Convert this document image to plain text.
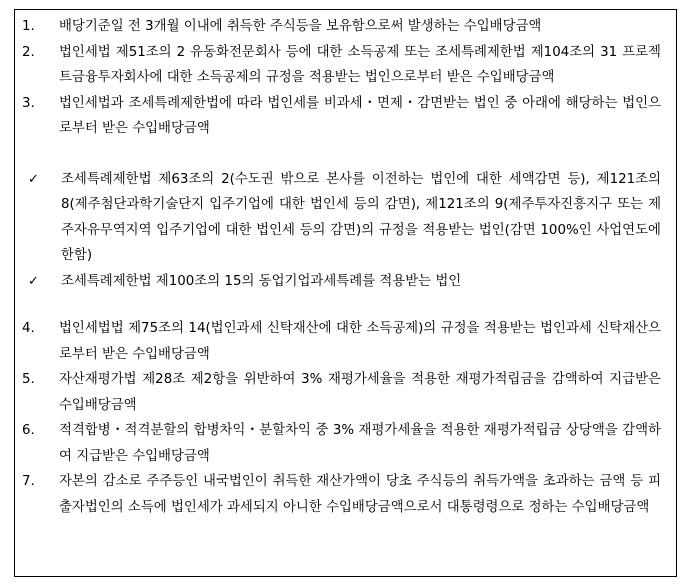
1.	배당기준일 전 3개월 이내에 취득한 주식등을 보유함으로써 발생하는 수입배당금액
2.	법인세법 제51조의 2 유동화전문회사 등에 대한 소득공제 또는 조세특례제한법 제104조의 31 프로젝트금융투자회사에 대한 소득공제의 규정을 적용받는 법인으로부터 받은 수입배당금액
3.	법인세법과 조세특례제한법에 따라 법인세를 비과세・면제・감면받는 법인 중 아래에 해당하는 법인으로부터 받은 수입배당금액
✓	조세특례제한법 제63조의 2(수도권 밖으로 본사를 이전하는 법인에 대한 세액감면 등), 제121조의 8(제주첨단과학기술단지 입주기업에 대한 법인세 등의 감면), 제121조의 9(제주투자진흥지구 또는 제주자유무역지역 입주기업에 대한 법인세 등의 감면)의 규정을 적용받는 법인(감면 100%인 사업연도에 한함)
✓	조세특례제한법 제100조의 15의 동업기업과세특례를 적용받는 법인
4.	법인세법법 제75조의 14(법인과세 신탁재산에 대한 소득공제)의 규정을 적용받는 법인과세 신탁재산으로부터 받은 수입배당금액
5.	자산재평가법 제28조 제2항을 위반하여 3% 재평가세율을 적용한 재평가적립금을 감액하여 지급받은 수입배당금액
6.	적격합병・적격분할의 합병차익・분할차익 중 3% 재평가세율을 적용한 재평가적립금 상당액을 감액하여 지급받은 수입배당금액
7.	자본의 감소로 주주등인 내국법인이 취득한 재산가액이 당초 주식등의 취득가액을 초과하는 금액 등 피출자법인의 소득에 법인세가 과세되지 아니한 수입배당금액으로서 대통령령으로 정하는 수입배당금액
